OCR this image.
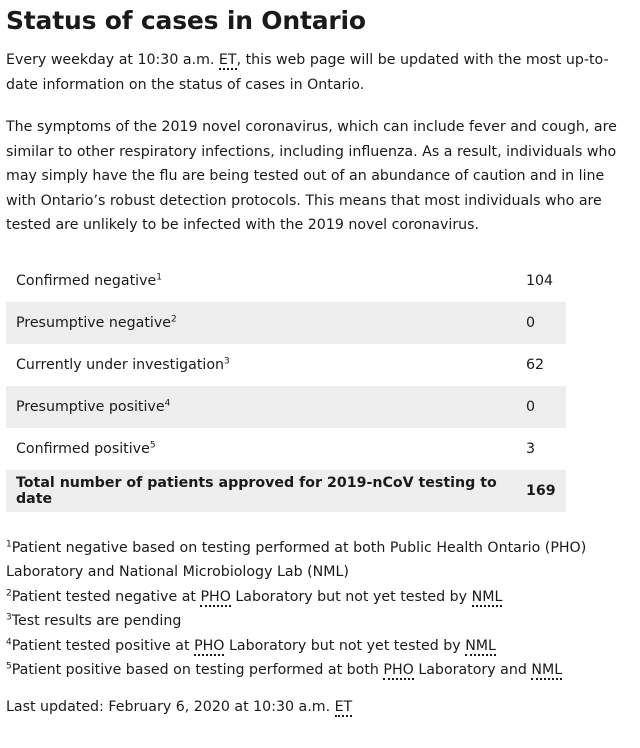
Status of cases in Ontario

Every weekday at 10:30 a.m. ET, this web page will be updated with the most up-to-date information on the status of cases in Ontario.

The symptoms of the 2019 novel coronavirus, which can include fever and cough, are similar to other respiratory infections, including influenza. As a result, individuals who may simply have the flu are being tested out of an abundance of caution and in line with Ontario’s robust detection protocols. This means that most individuals who are tested are unlikely to be infected with the 2019 novel coronavirus.

Confirmed negative$^1$	104
Presumptive negative$^2$	0
Currently under investigation$^3$	62
Presumptive positive$^4$	0
Confirmed positive$^5$	3
Total number of patients approved for 2019-nCoV testing to date	169
$^1$Patient negative based on testing performed at both Public Health Ontario (PHO) Laboratory and National Microbiology Lab (NML)
$^2$Patient tested negative at PHO Laboratory but not yet tested by NML
$^3$Test results are pending
$^4$Patient tested positive at PHO Laboratory but not yet tested by NML
$^5$Patient positive based on testing performed at both PHO Laboratory and NML
Last updated: February 6, 2020 at 10:30 a.m. ET
